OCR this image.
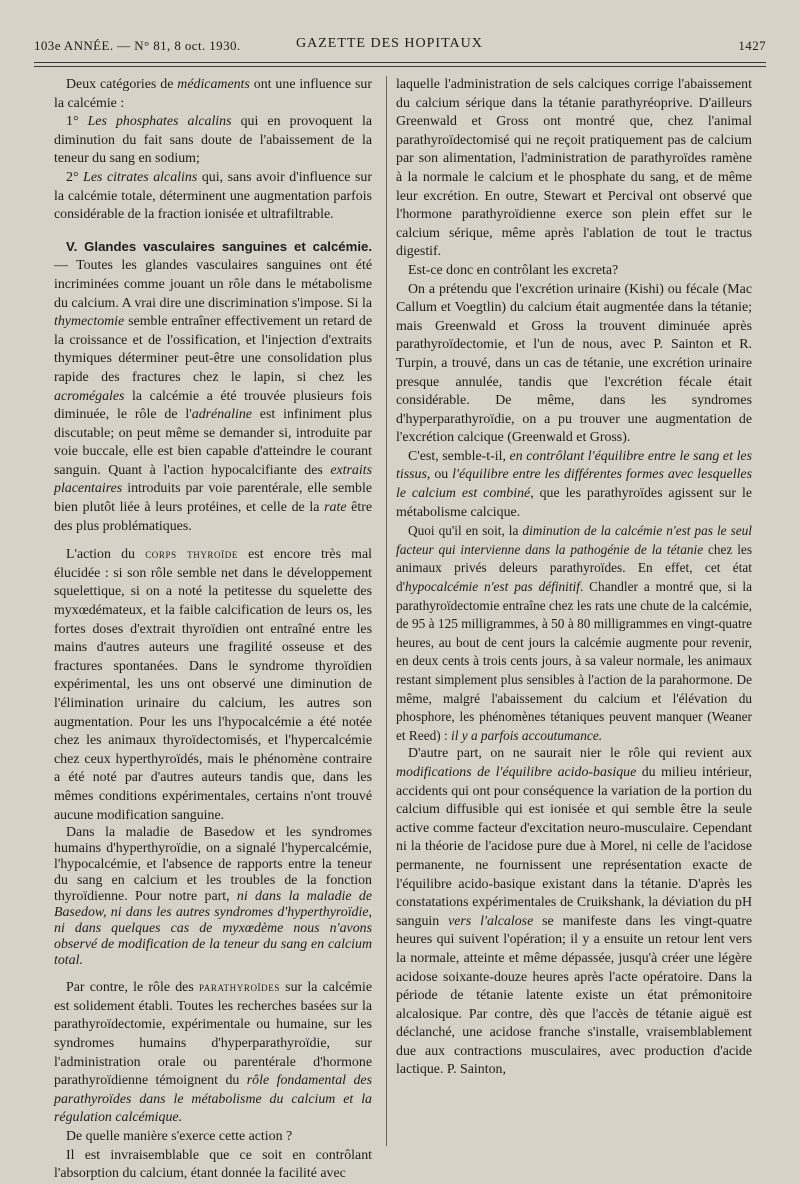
103e ANNÉE. — N° 81, 8 oct. 1930.	GAZETTE DES HOPITAUX	1427

Deux catégories de médicaments ont une influence sur la calcémie :

1° Les phosphates alcalins qui en provoquent la diminution du fait sans doute de l'abaissement de la teneur du sang en sodium;

2° Les citrates alcalins qui, sans avoir d'influence sur la calcémie totale, déterminent une augmentation parfois considérable de la fraction ionisée et ultrafiltrable.

V. Glandes vasculaires sanguines et calcémie. — Toutes les glandes vasculaires sanguines ont été incriminées comme jouant un rôle dans le métabolisme du calcium. A vrai dire une discrimination s'impose. Si la thymectomie semble entraîner effectivement un retard de la croissance et de l'ossification, et l'injection d'extraits thymiques déterminer peut-être une consolidation plus rapide des fractures chez le lapin, si chez les acromégales la calcémie a été trouvée plusieurs fois diminuée, le rôle de l'adrénaline est infiniment plus discutable; on peut même se demander si, introduite par voie buccale, elle est bien capable d'atteindre le courant sanguin. Quant à l'action hypocalcifiante des extraits placentaires introduits par voie parentérale, elle semble bien plutôt liée à leurs protéines, et celle de la rate être des plus problématiques.

L'action du corps thyroïde est encore très mal élucidée : si son rôle semble net dans le développement squelettique, si on a noté la petitesse du squelette des myxœdémateux, et la faible calcification de leurs os, les fortes doses d'extrait thyroïdien ont entraîné entre les mains d'autres auteurs une fragilité osseuse et des fractures spontanées. Dans le syndrome thyroïdien expérimental, les uns ont observé une diminution de l'élimination urinaire du calcium, les autres son augmentation. Pour les uns l'hypocalcémie a été notée chez les animaux thyroïdectomisés, et l'hypercalcémie chez ceux hyperthyroïdés, mais le phénomène contraire a été noté par d'autres auteurs tandis que, dans les mêmes conditions expérimentales, certains n'ont trouvé aucune modification sanguine.

Dans la maladie de Basedow et les syndromes humains d'hyperthyroïdie, on a signalé l'hypercalcémie, l'hypocalcémie, et l'absence de rapports entre la teneur du sang en calcium et les troubles de la fonction thyroïdienne. Pour notre part, ni dans la maladie de Basedow, ni dans les autres syndromes d'hyperthyroïdie, ni dans quelques cas de myxœdème nous n'avons observé de modification de la teneur du sang en calcium total.

Par contre, le rôle des parathyroïdes sur la calcémie est solidement établi. Toutes les recherches basées sur la parathyroïdectomie, expérimentale ou humaine, sur les syndromes humains d'hyperparathyroïdie, sur l'administration orale ou parentérale d'hormone parathyroïdienne témoignent du rôle fondamental des parathyroïdes dans le métabolisme du calcium et la régulation calcémique.

De quelle manière s'exerce cette action ?

Il est invraisemblable que ce soit en contrôlant l'absorption du calcium, étant donnée la facilité avec

laquelle l'administration de sels calciques corrige l'abaissement du calcium sérique dans la tétanie parathyréoprive. D'ailleurs Greenwald et Gross ont montré que, chez l'animal parathyroïdectomisé qui ne reçoit pratiquement pas de calcium par son alimentation, l'administration de parathyroïdes ramène à la normale le calcium et le phosphate du sang, et de même leur excrétion. En outre, Stewart et Percival ont observé que l'hormone parathyroïdienne exerce son plein effet sur le calcium sérique, même après l'ablation de tout le tractus digestif.

Est-ce donc en contrôlant les excreta?

On a prétendu que l'excrétion urinaire (Kishi) ou fécale (Mac Callum et Voegtlin) du calcium était augmentée dans la tétanie; mais Greenwald et Gross la trouvent diminuée après parathyroïdectomie, et l'un de nous, avec P. Sainton et R. Turpin, a trouvé, dans un cas de tétanie, une excrétion urinaire presque annulée, tandis que l'excrétion fécale était considérable. De même, dans les syndromes d'hyperparathyroïdie, on a pu trouver une augmentation de l'excrétion calcique (Greenwald et Gross).

C'est, semble-t-il, en contrôlant l'équilibre entre le sang et les tissus, ou l'équilibre entre les différentes formes avec lesquelles le calcium est combiné, que les parathyroïdes agissent sur le métabolisme calcique.

Quoi qu'il en soit, la diminution de la calcémie n'est pas le seul facteur qui intervienne dans la pathogénie de la tétanie chez les animaux privés deleurs parathyroïdes. En effet, cet état d'hypocalcémie n'est pas définitif. Chandler a montré que, si la parathyroïdectomie entraîne chez les rats une chute de la calcémie, de 95 à 125 milligrammes, à 50 à 80 milligrammes en vingt-quatre heures, au bout de cent jours la calcémie augmente pour revenir, en deux cents à trois cents jours, à sa valeur normale, les animaux restant simplement plus sensibles à l'action de la parahormone. De même, malgré l'abaissement du calcium et l'élévation du phosphore, les phénomènes tétaniques peuvent manquer (Weaner et Reed) : il y a parfois accoutumance.

D'autre part, on ne saurait nier le rôle qui revient aux modifications de l'équilibre acido-basique du milieu intérieur, accidents qui ont pour conséquence la variation de la portion du calcium diffusible qui est ionisée et qui semble être la seule active comme facteur d'excitation neuro-musculaire. Cependant ni la théorie de l'acidose pure due à Morel, ni celle de l'acidose permanente, ne fournissent une représentation exacte de l'équilibre acido-basique existant dans la tétanie. D'après les constatations expérimentales de Cruikshank, la déviation du pH sanguin vers l'alcalose se manifeste dans les vingt-quatre heures qui suivent l'opération; il y a ensuite un retour lent vers la normale, atteinte et même dépassée, jusqu'à créer une légère acidose soixante-douze heures après l'acte opératoire. Dans la période de tétanie latente existe un état prémonitoire alcalosique. Par contre, dès que l'accès de tétanie aiguë est déclanché, une acidose franche s'installe, vraisemblablement due aux contractions musculaires, avec production d'acide lactique. P. Sainton,
